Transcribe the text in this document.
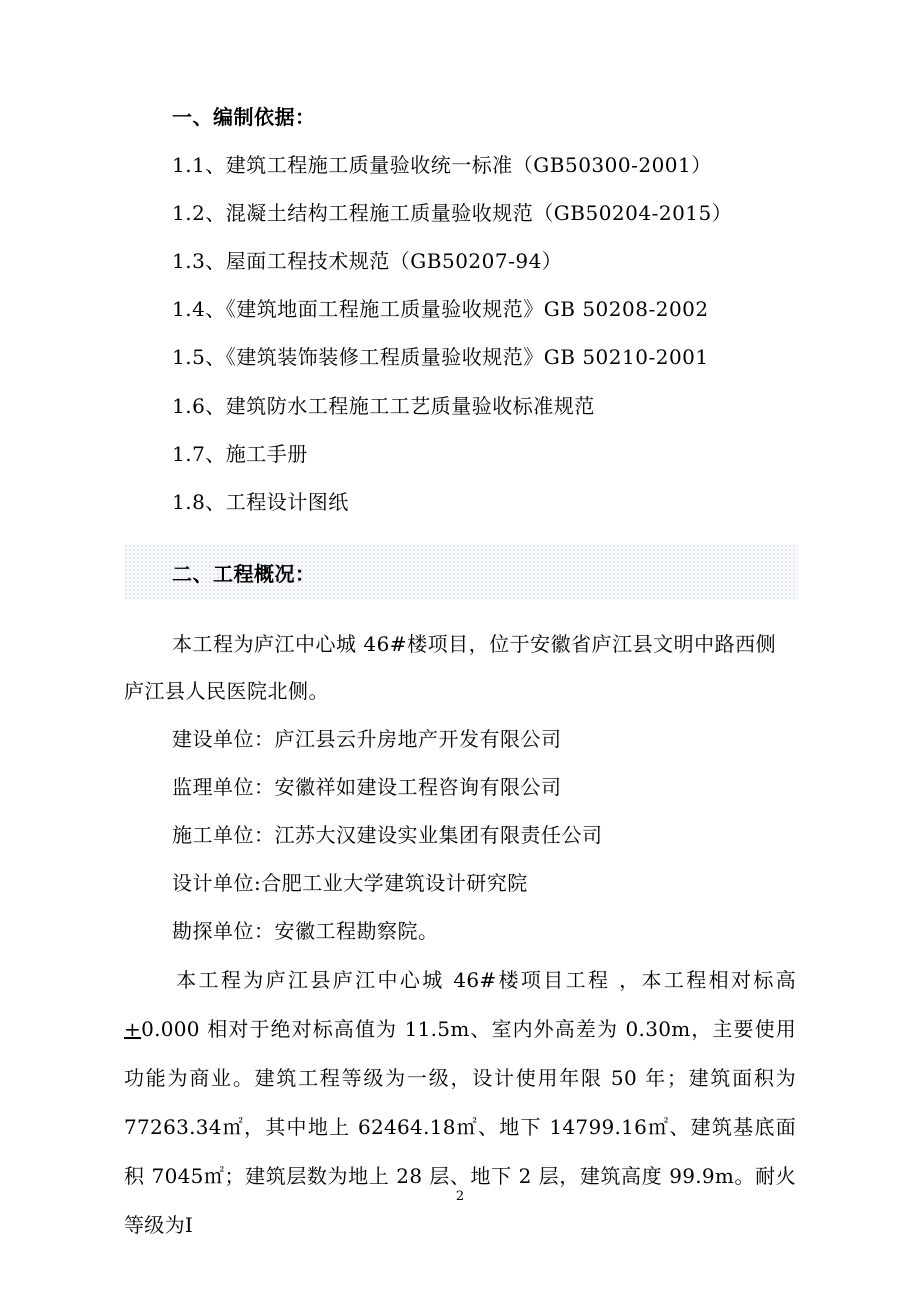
一、编制依据：
1.1、建筑工程施工质量验收统一标准（GB50300-2001）
1.2、混凝土结构工程施工质量验收规范（GB50204-2015）
1.3、屋面工程技术规范（GB50207-94）
1.4、《建筑地面工程施工质量验收规范》GB 50208-2002
1.5、《建筑装饰装修工程质量验收规范》GB 50210-2001
1.6、建筑防水工程施工工艺质量验收标准规范
1.7、施工手册
1.8、工程设计图纸
二、工程概况：
本工程为庐江中心城 46#楼项目，位于安徽省庐江县文明中路西侧
庐江县人民医院北侧。
建设单位：庐江县云升房地产开发有限公司
监理单位：安徽祥如建设工程咨询有限公司
施工单位：江苏大汉建设实业集团有限责任公司
设计单位:合肥工业大学建筑设计研究院
勘探单位：安徽工程勘察院。
本工程为庐江县庐江中心城 46#楼项目工程 ，本工程相对标高+0.000 相对于绝对标高值为 11.5m、室内外高差为 0.30m，主要使用功能为商业。建筑工程等级为一级，设计使用年限 50 年；建筑面积为 77263.34㎡，其中地上 62464.18㎡、地下 14799.16㎡、建筑基底面积 7045㎡；建筑层数为地上 28 层、地下 2 层，建筑高度 99.9m。耐火等级为Ⅰ
2
